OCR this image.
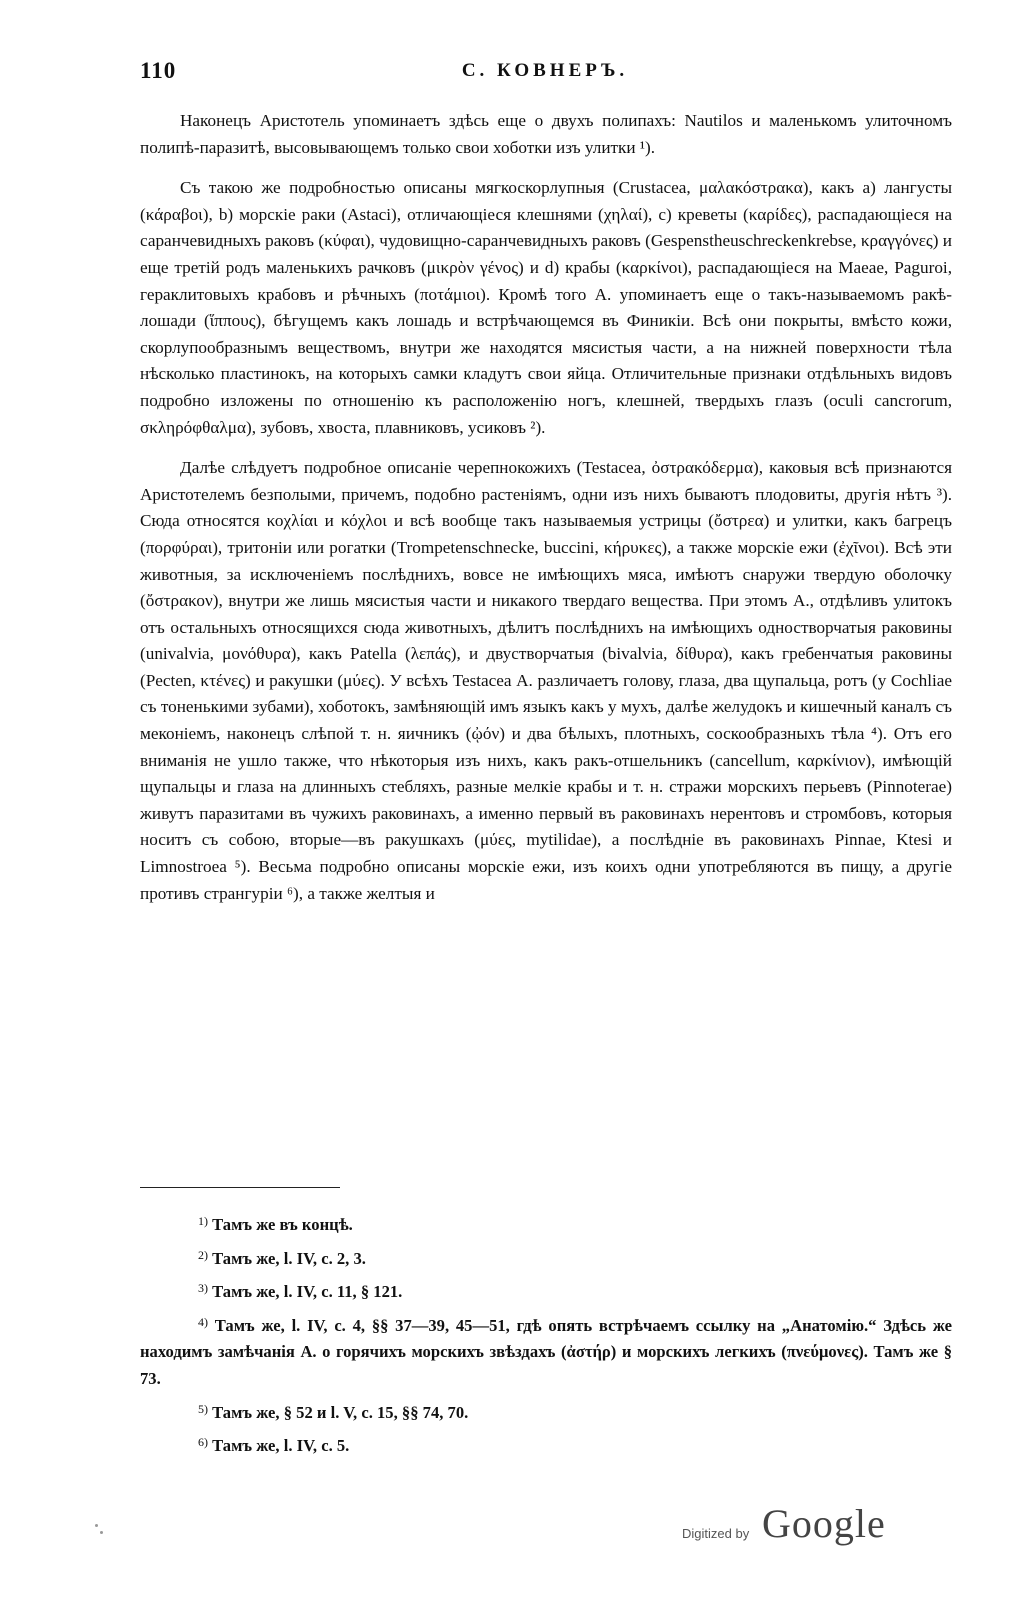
110	С. КОВНЕРЪ.

Наконецъ Аристотель упоминаетъ здѣсь еще о двухъ полипахъ: Nautilos и маленькомъ улиточномъ полипѣ-паразитѣ, высовывающемъ только свои хоботки изъ улитки ¹).

Съ такою же подробностью описаны мягкоскорлупныя (Crustacea, μαλακόστρακα), какъ a) лангусты (κάραβοι), b) морскіе раки (Astaci), отличающіеся клешнями (χηλαί), c) креветы (καρίδες), распадающіеся на саранчевидныхъ раковъ (κύφαι), чудовищно-саранчевидныхъ раковъ (Gespenstheuschreckenkrebse, κραγγόνες) и еще третій родъ маленькихъ рачковъ (μικρὸν γένος) и d) крабы (καρκίνοι), распадающіеся на Maeae, Paguroi, гераклитовыхъ крабовъ и рѣчныхъ (ποτάμιοι). Кромѣ того А. упоминаетъ еще о такъ-называемомъ ракѣ-лошади (ἵππους), бѣгущемъ какъ лошадь и встрѣчающемся въ Финикіи. Всѣ они покрыты, вмѣсто кожи, скорлупообразнымъ веществомъ, внутри же находятся мясистыя части, а на нижней поверхности тѣла нѣсколько пластинокъ, на которыхъ самки кладутъ свои яйца. Отличительные признаки отдѣльныхъ видовъ подробно изложены по отношенію къ расположенію ногъ, клешней, твердыхъ глазъ (oculi cancrorum, σκληρόφθαλμα), зубовъ, хвоста, плавниковъ, усиковъ ²).

Далѣе слѣдуетъ подробное описаніе черепнокожихъ (Testacea, ὀστρακόδερμα), каковыя всѣ признаются Аристотелемъ безполыми, причемъ, подобно растеніямъ, одни изъ нихъ бываютъ плодовиты, другія нѣтъ ³). Сюда относятся κοχλίαι и κόχλοι и всѣ вообще такъ называемыя устрицы (ὄστρεα) и улитки, какъ багрецъ (πορφύραι), тритоніи или рогатки (Trompetenschnecke, buccini, κήρυκες), а также морскіе ежи (ἐχῖνοι). Всѣ эти животныя, за исключеніемъ послѣднихъ, вовсе не имѣющихъ мяса, имѣютъ снаружи твердую оболочку (ὄστρακον), внутри же лишь мясистыя части и никакого твердаго вещества. При этомъ А., отдѣливъ улитокъ отъ остальныхъ относящихся сюда животныхъ, дѣлитъ послѣднихъ на имѣющихъ одностворчатыя раковины (univalvia, μονόθυρα), какъ Patella (λεπάς), и двустворчатыя (bivalvia, δίθυρα), какъ гребенчатыя раковины (Pecten, κτένες) и ракушки (μύες). У всѣхъ Testacea А. различаетъ голову, глаза, два щупальца, ротъ (у Cochliae съ тоненькими зубами), хоботокъ, замѣняющій имъ языкъ какъ у мухъ, далѣе желудокъ и кишечный каналъ съ меконіемъ, наконецъ слѣпой т. н. яичникъ (ᾠόν) и два бѣлыхъ, плотныхъ, соскообразныхъ тѣла ⁴). Отъ его вниманія не ушло также, что нѣкоторыя изъ нихъ, какъ ракъ-отшельникъ (cancellum, καρκίνιον), имѣющій щупальцы и глаза на длинныхъ стебляхъ, разные мелкіе крабы и т. н. стражи морскихъ перьевъ (Pinnoterae) живутъ паразитами въ чужихъ раковинахъ, а именно первый въ раковинахъ нерентовъ и стромбовъ, которыя носитъ съ собою, вторые—въ ракушкахъ (μύες, mytilidae), а послѣдніе въ раковинахъ Pinnae, Ktesi и Limnostroea ⁵). Весьма подробно описаны морскіе ежи, изъ коихъ одни употребляются въ пищу, а другіе противъ странгуріи ⁶), а также желтыя и

$^{1)}$ Тамъ же въ концѣ.

$^{2)}$ Тамъ же, l. IV, c. 2, 3.

$^{3)}$ Тамъ же, l. IV, c. 11, § 121.

$^{4)}$ Тамъ же, l. IV, c. 4, §§ 37—39, 45—51, гдѣ опять встрѣчаемъ ссылку на „Анатомію.“ Здѣсь же находимъ замѣчанія А. о горячихъ морскихъ звѣздахъ (ἀστήρ) и морскихъ легкихъ (πνεύμονες). Тамъ же § 73.

$^{5)}$ Тамъ же, § 52 и l. V, c. 15, §§ 74, 70.

$^{6)}$ Тамъ же, l. IV, c. 5.

Digitized by Google
